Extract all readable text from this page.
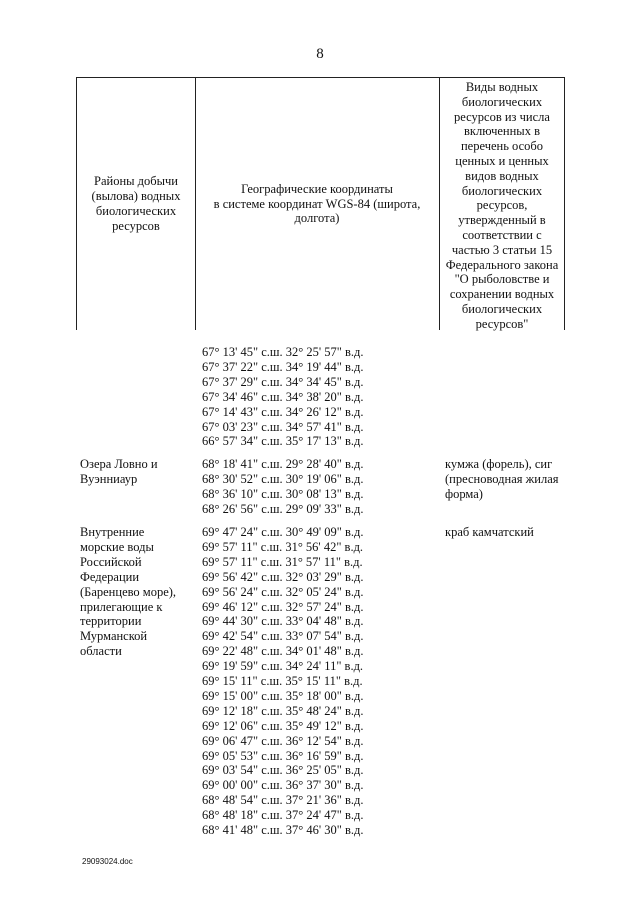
8
Районы добычи (вылова) водных биологических ресурсов
Географические координаты
в системе координат WGS-84 (широта, долгота)
Виды водных биологических ресурсов из числа включенных в перечень особо ценных и ценных видов водных биологических ресурсов, утвержденный в соответствии с частью 3 статьи 15 Федерального закона "О рыболовстве и сохранении водных биологических ресурсов"
67° 13' 45" с.ш. 32° 25' 57" в.д.
67° 37' 22" с.ш. 34° 19' 44" в.д.
67° 37' 29" с.ш. 34° 34' 45" в.д.
67° 34' 46" с.ш. 34° 38' 20" в.д.
67° 14' 43" с.ш. 34° 26' 12" в.д.
67° 03' 23" с.ш. 34° 57' 41" в.д.
66° 57' 34" с.ш. 35° 17' 13" в.д.
Озера Ловно и Вуэнниаур
68° 18' 41" с.ш. 29° 28' 40" в.д.
68° 30' 52" с.ш. 30° 19' 06" в.д.
68° 36' 10" с.ш. 30° 08' 13" в.д.
68° 26' 56" с.ш. 29° 09' 33" в.д.
кумжа (форель), сиг (пресноводная жилая форма)
Внутренние морские воды Российской Федерации (Баренцево море), прилегающие к территории Мурманской области
69° 47' 24" с.ш. 30° 49' 09" в.д.
69° 57' 11" с.ш. 31° 56' 42" в.д.
69° 57' 11" с.ш. 31° 57' 11" в.д.
69° 56' 42" с.ш. 32° 03' 29" в.д.
69° 56' 24" с.ш. 32° 05' 24" в.д.
69° 46' 12" с.ш. 32° 57' 24" в.д.
69° 44' 30" с.ш. 33° 04' 48" в.д.
69° 42' 54" с.ш. 33° 07' 54" в.д.
69° 22' 48" с.ш. 34° 01' 48" в.д.
69° 19' 59" с.ш. 34° 24' 11" в.д.
69° 15' 11" с.ш. 35° 15' 11" в.д.
69° 15' 00" с.ш. 35° 18' 00" в.д.
69° 12' 18" с.ш. 35° 48' 24" в.д.
69° 12' 06" с.ш. 35° 49' 12" в.д.
69° 06' 47" с.ш. 36° 12' 54" в.д.
69° 05' 53" с.ш. 36° 16' 59" в.д.
69° 03' 54" с.ш. 36° 25' 05" в.д.
69° 00' 00" с.ш. 36° 37' 30" в.д.
68° 48' 54" с.ш. 37° 21' 36" в.д.
68° 48' 18" с.ш. 37° 24' 47" в.д.
68° 41' 48" с.ш. 37° 46' 30" в.д.
краб камчатский
29093024.doc
